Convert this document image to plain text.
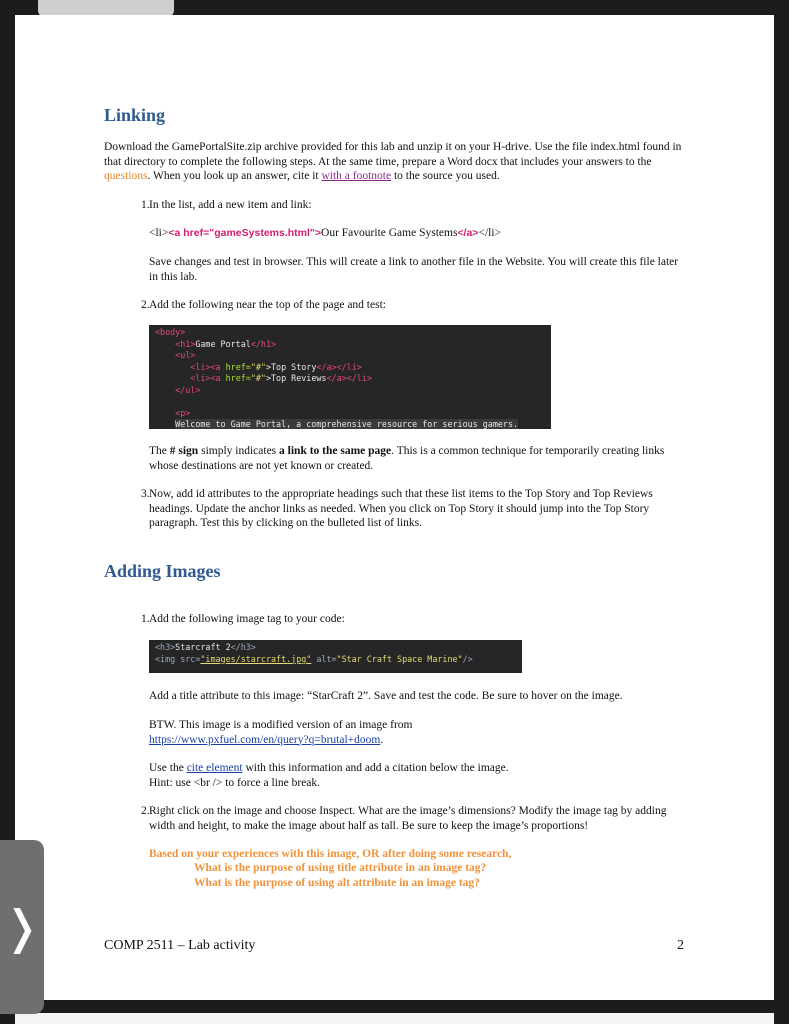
Linking

Download the GamePortalSite.zip archive provided for this lab and unzip it on your H-drive. Use the file index.html found in that directory to complete the following steps. At the same time, prepare a Word docx that includes your answers to the questions. When you look up an answer, cite it with a footnote to the source you used.

1. In the list, add a new item and link:

<li><a href="gameSystems.html">Our Favourite Game Systems</a></li>

Save changes and test in browser. This will create a link to another file in the Website. You will create this file later in this lab.

2. Add the following near the top of the page and test:

<body>
<h1>Game Portal</h1>
<ul>
<li><a href="#">Top Story</a></li>
<li><a href="#">Top Reviews</a></li>
</ul>

<p>
Welcome to Game Portal, a comprehensive resource for serious gamers.

The # sign simply indicates a link to the same page. This is a common technique for temporarily creating links whose destinations are not yet known or created.

3. Now, add id attributes to the appropriate headings such that these list items to the Top Story and Top Reviews headings. Update the anchor links as needed. When you click on Top Story it should jump into the Top Story paragraph. Test this by clicking on the bulleted list of links.

Adding Images
1. Add the following image tag to your code:

<h3>Starcraft 2</h3>
<img src="images/starcraft.jpg" alt="Star Craft Space Marine"/>

Add a title attribute to this image: “StarCraft 2”. Save and test the code. Be sure to hover on the image.

BTW. This image is a modified version of an image from
https://www.pxfuel.com/en/query?q=brutal+doom.

Use the cite element with this information and add a citation below the image.
Hint: use <br /> to force a line break.

2. Right click on the image and choose Inspect. What are the image’s dimensions? Modify the image tag by adding width and height, to make the image about half as tall. Be sure to keep the image’s proportions!

Based on your experiences with this image, OR after doing some research,
What is the purpose of using title attribute in an image tag?
What is the purpose of using alt attribute in an image tag?
COMP 2511 – Lab activity	2
❭
